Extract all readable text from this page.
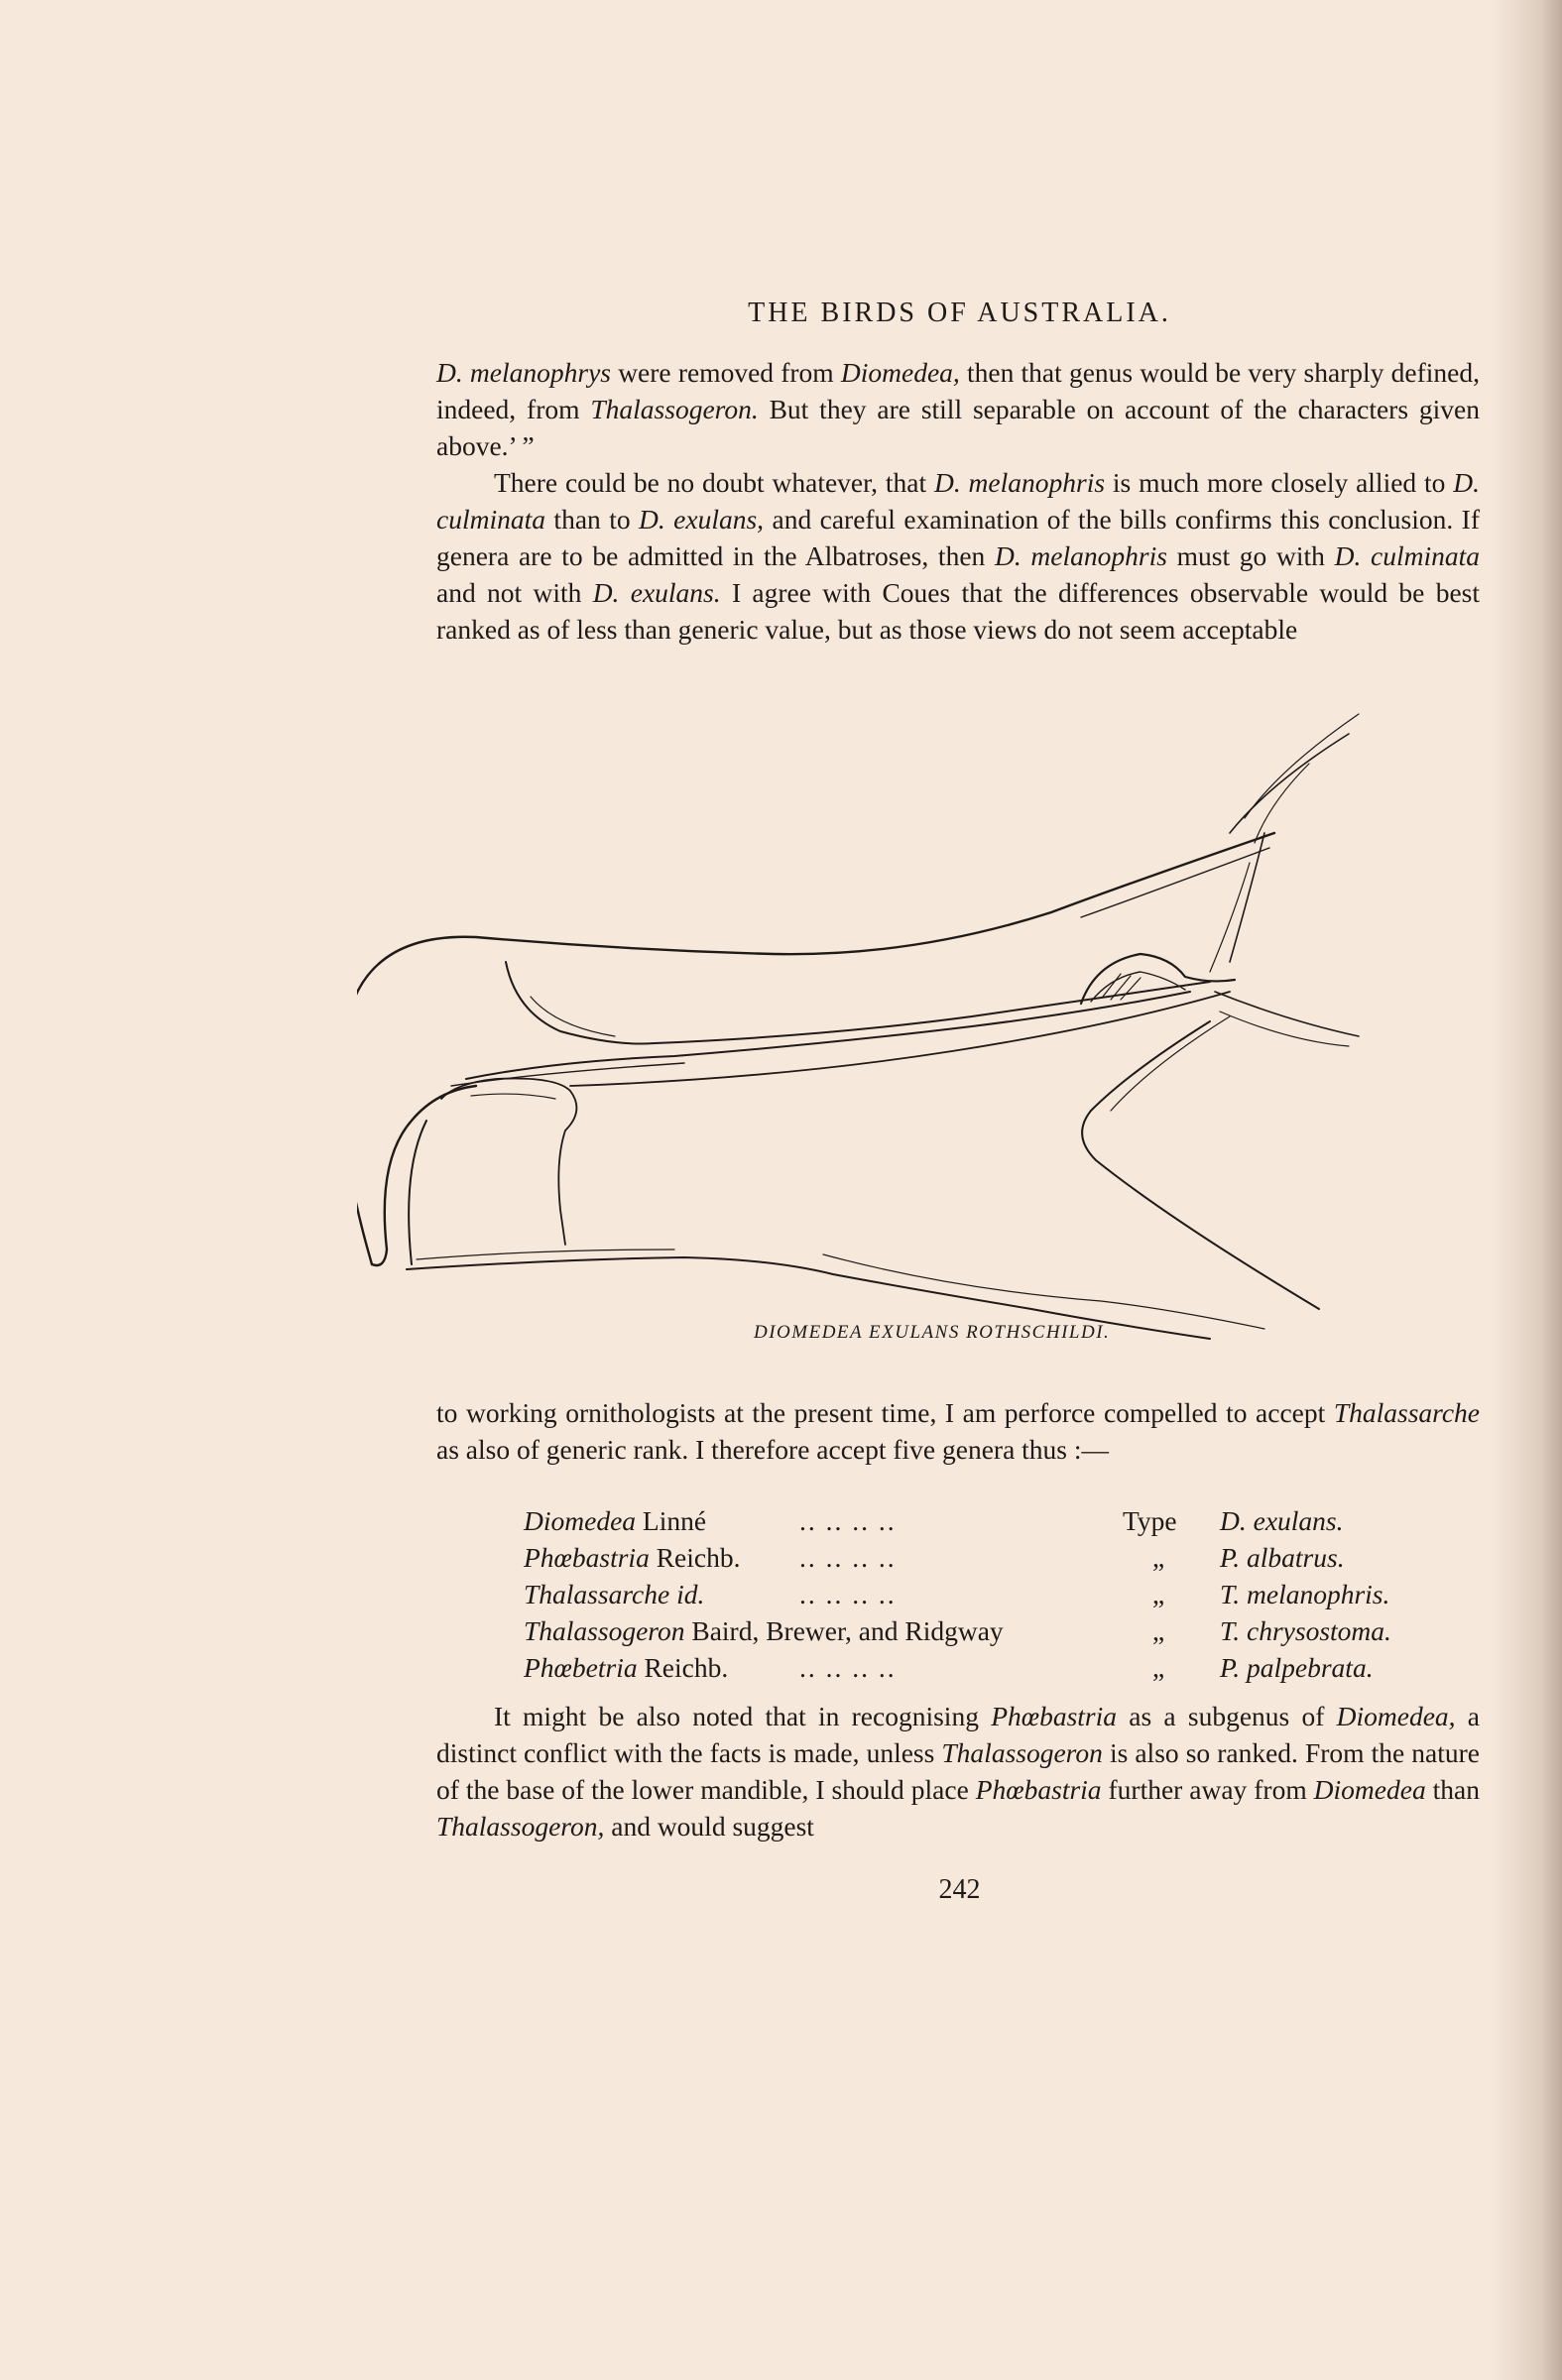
THE BIRDS OF AUSTRALIA.

D. melanophrys were removed from Diomedea, then that genus would be very sharply defined, indeed, from Thalassogeron. But they are still separable on account of the characters given above.’ ”

There could be no doubt whatever, that D. melanophris is much more closely allied to D. culminata than to D. exulans, and careful examination of the bills confirms this conclusion. If genera are to be admitted in the Albatroses, then D. melanophris must go with D. culminata and not with D. exulans. I agree with Coues that the differences observable would be best ranked as of less than generic value, but as those views do not seem acceptable

DIOMEDEA EXULANS ROTHSCHILDI.

to working ornithologists at the present time, I am perforce compelled to accept Thalassarche as also of generic rank. I therefore accept five genera thus :—

Diomedea Linné	.. .. .. ..	Type D. exulans.
Phœbastria Reichb. .. .. .. ..	„ P. albatrus.
Thalassarche id.	.. .. .. ..	„ T. melanophris.
Thalassogeron Baird, Brewer, and Ridgway	„ T. chrysostoma.
Phœbetria Reichb.	.. .. .. ..	„ P. palpebrata.

It might be also noted that in recognising Phœbastria as a subgenus of Diomedea, a distinct conflict with the facts is made, unless Thalassogeron is also so ranked. From the nature of the base of the lower mandible, I should place Phœbastria further away from Diomedea than Thalassogeron, and would suggest

242
